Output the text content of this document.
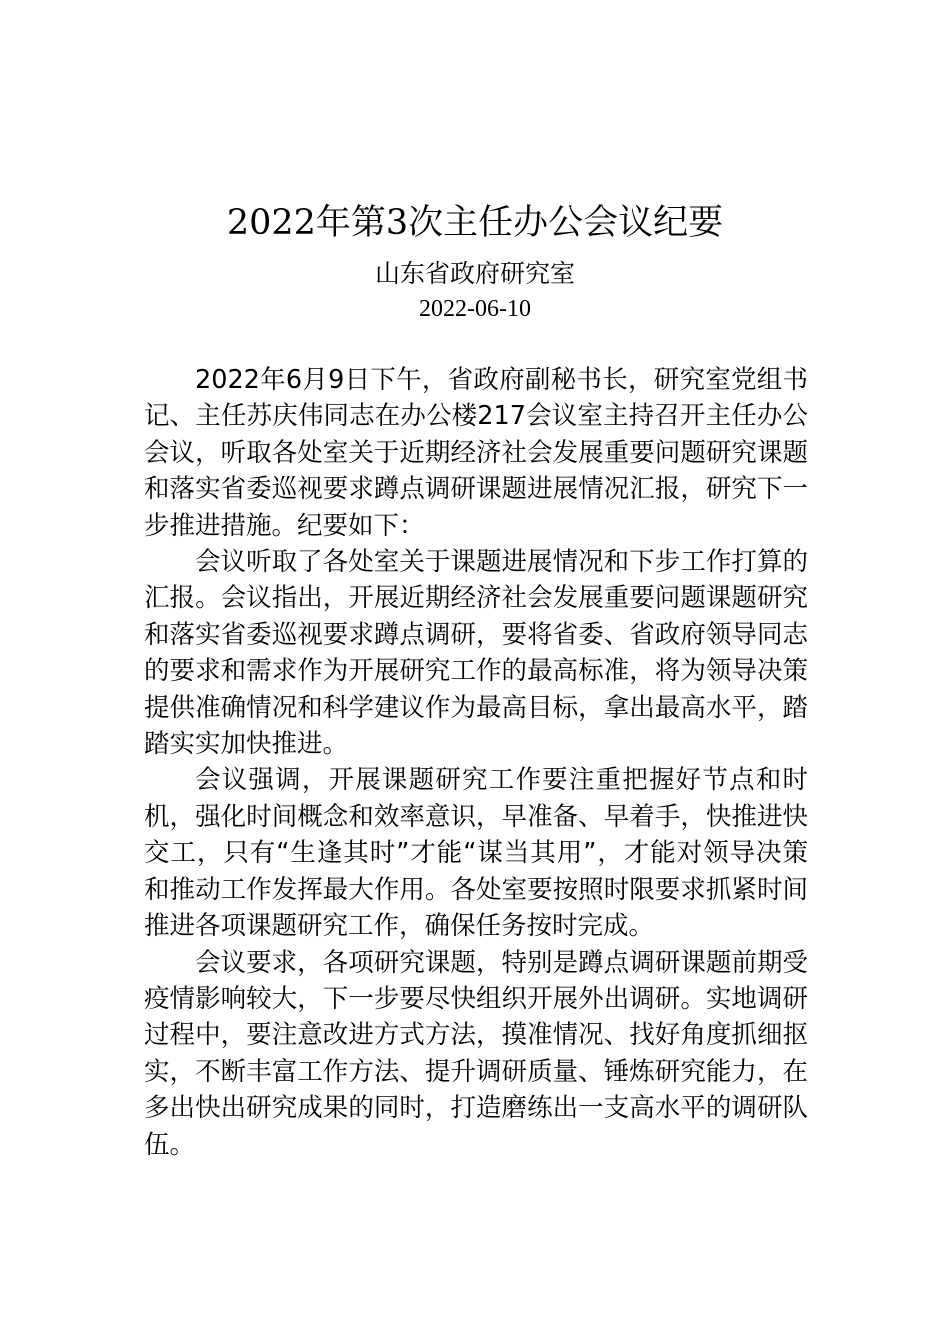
2022年第3次主任办公会议纪要
山东省政府研究室
2022-06-10

2022年6月9日下午，省政府副秘书长，研究室党组书记、主任苏庆伟同志在办公楼217会议室主持召开主任办公会议，听取各处室关于近期经济社会发展重要问题研究课题和落实省委巡视要求蹲点调研课题进展情况汇报，研究下一步推进措施。纪要如下：

会议听取了各处室关于课题进展情况和下步工作打算的汇报。会议指出，开展近期经济社会发展重要问题课题研究和落实省委巡视要求蹲点调研，要将省委、省政府领导同志的要求和需求作为开展研究工作的最高标准，将为领导决策提供准确情况和科学建议作为最高目标，拿出最高水平，踏踏实实加快推进。

会议强调，开展课题研究工作要注重把握好节点和时机，强化时间概念和效率意识，早准备、早着手，快推进快交工，只有“生逢其时”才能“谋当其用”，才能对领导决策和推动工作发挥最大作用。各处室要按照时限要求抓紧时间推进各项课题研究工作，确保任务按时完成。

会议要求，各项研究课题，特别是蹲点调研课题前期受疫情影响较大，下一步要尽快组织开展外出调研。实地调研过程中，要注意改进方式方法，摸准情况、找好角度抓细抠实，不断丰富工作方法、提升调研质量、锤炼研究能力，在多出快出研究成果的同时，打造磨练出一支高水平的调研队伍。
